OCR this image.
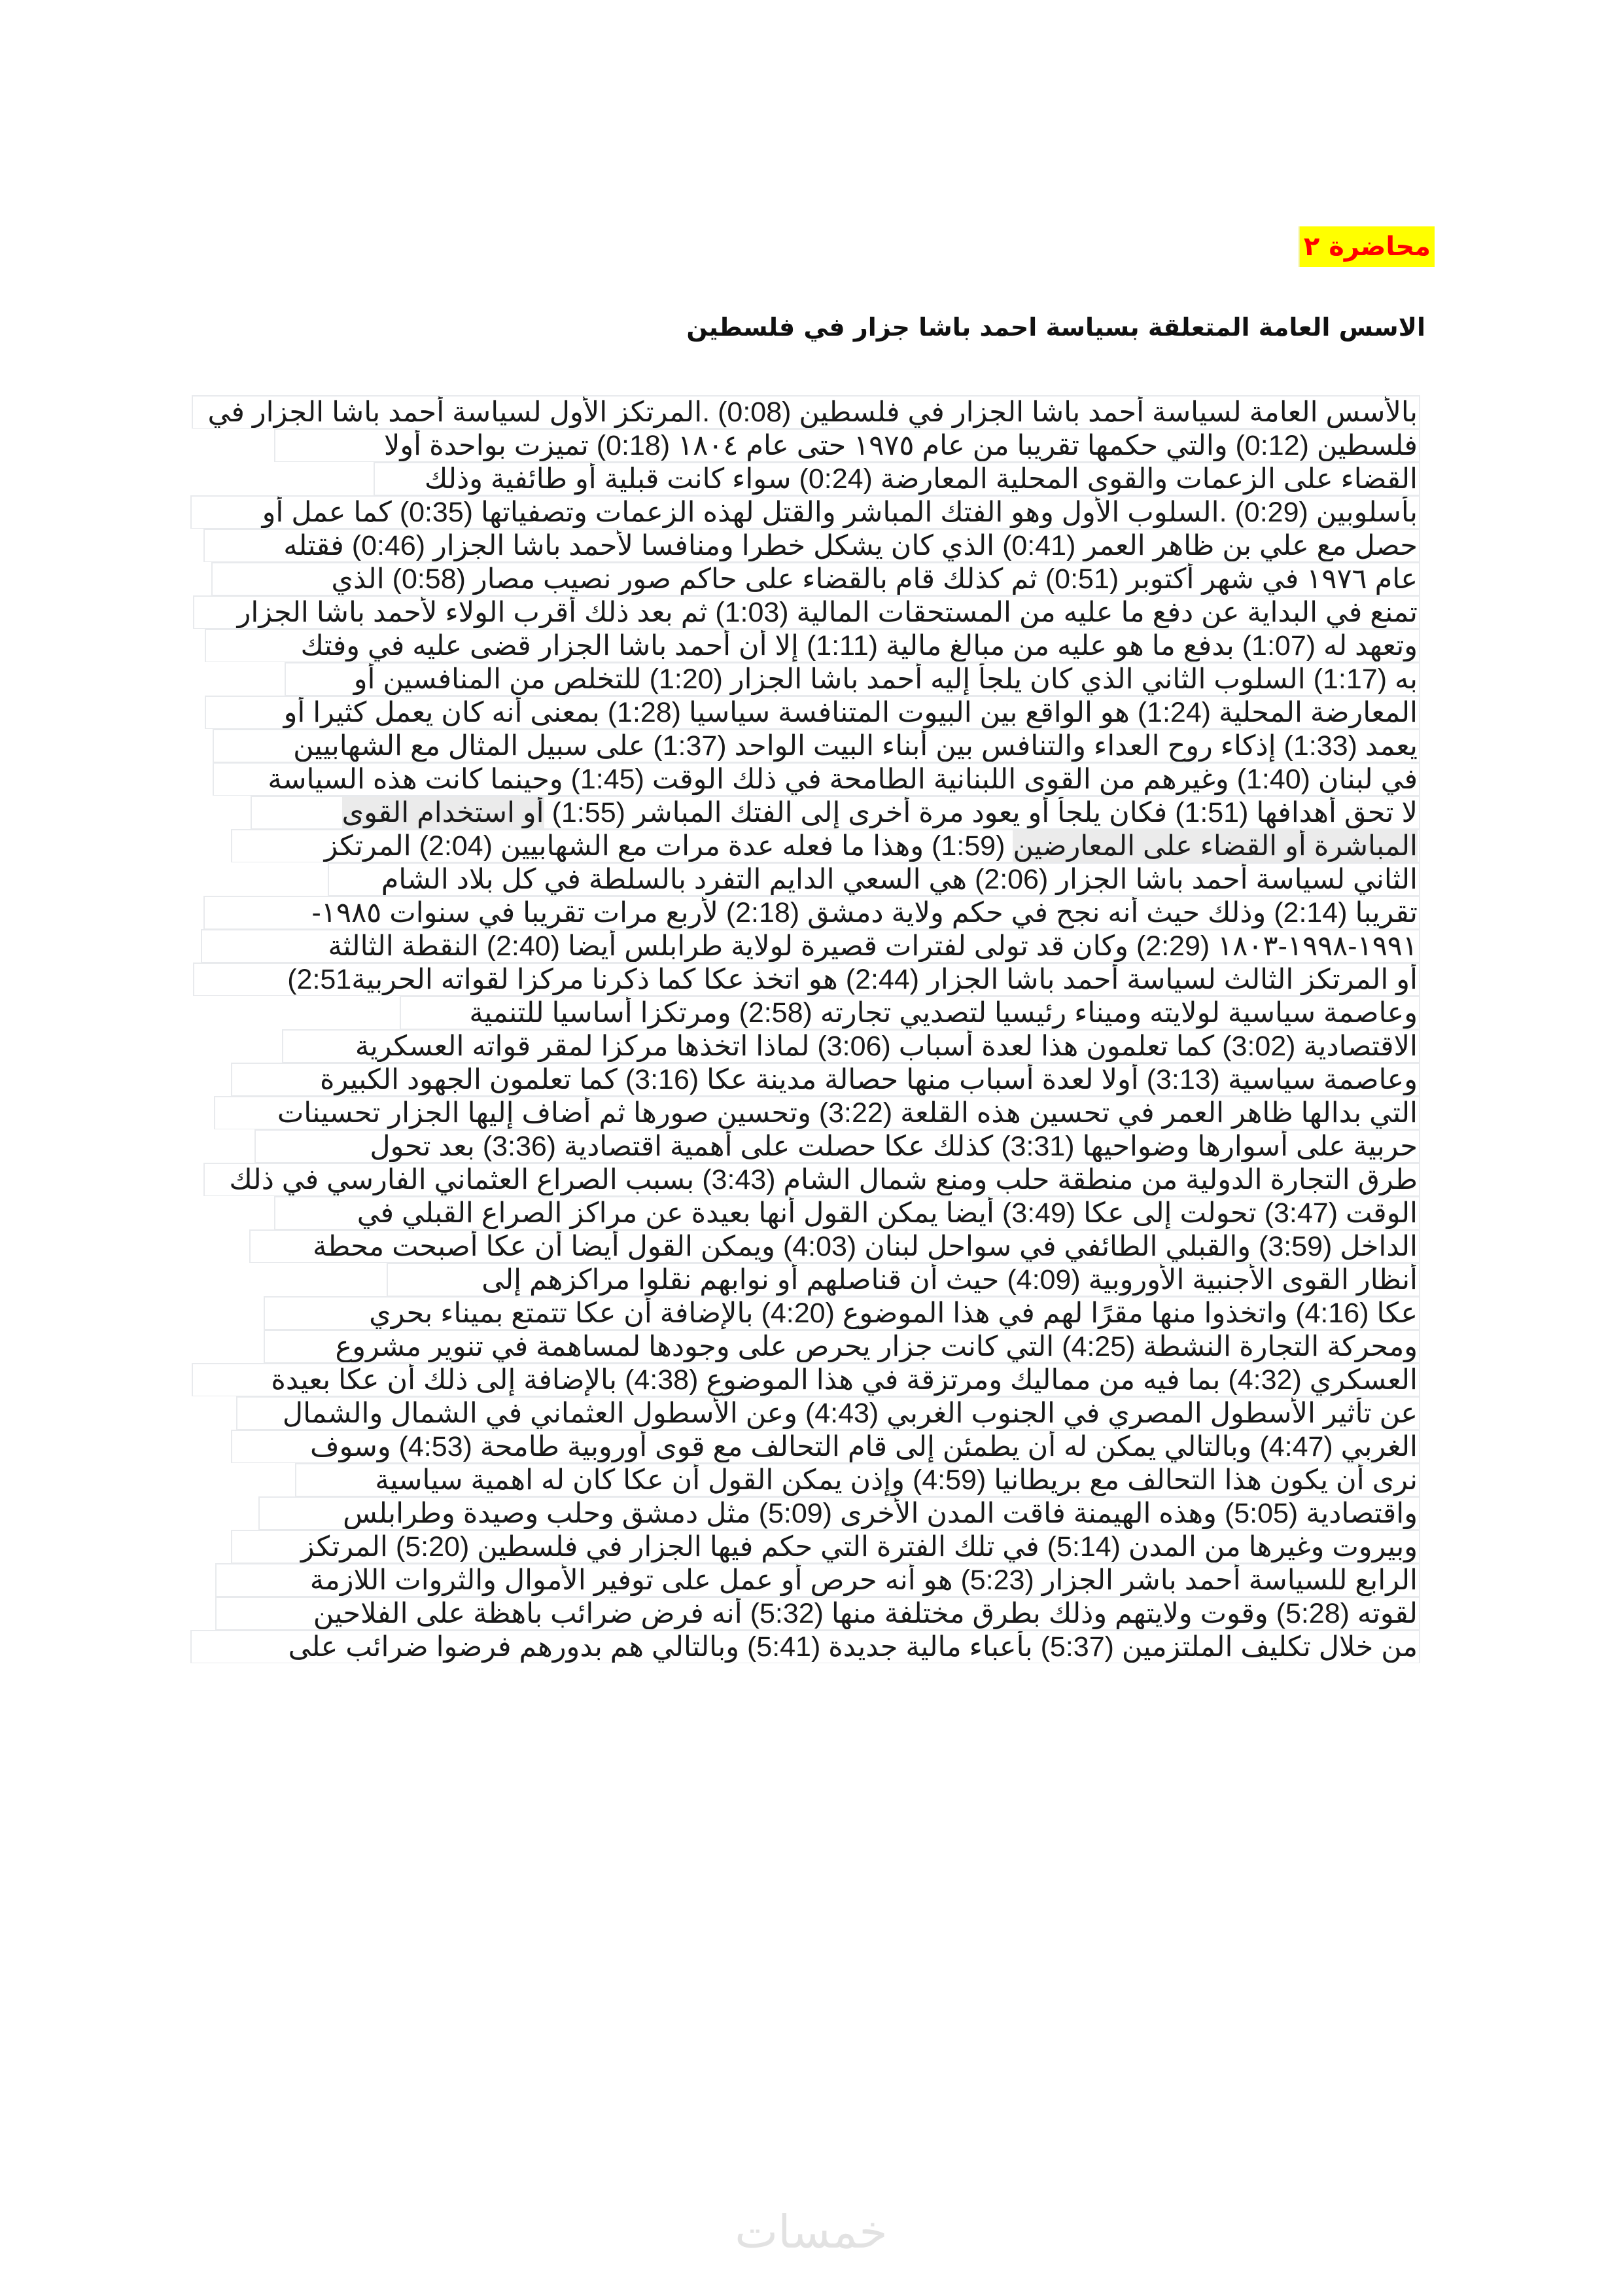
محاضرة ٢
الاسس العامة المتعلقة بسياسة احمد باشا جزار في فلسطين
بالأسس العامة لسياسة أحمد باشا الجزار في فلسطين (0:08) .المرتكز الأول لسياسة أحمد باشا الجزار في
فلسطين (0:12) والتي حكمها تقريبا من عام ١٩٧٥ حتى عام ١٨٠٤ (0:18) تميزت بواحدة أولا
القضاء على الزعمات والقوى المحلية المعارضة (0:24) سواء كانت قبلية أو طائفية وذلك
بأسلوبين (0:29) .السلوب الأول وهو الفتك المباشر والقتل لهذه الزعمات وتصفياتها (0:35) كما عمل أو
حصل مع علي بن ظاهر العمر (0:41) الذي كان يشكل خطرا ومنافسا لأحمد باشا الجزار (0:46) فقتله
عام ١٩٧٦ في شهر أكتوبر (0:51) ثم كذلك قام بالقضاء على حاكم صور نصيب مصار (0:58) الذي
تمنع في البداية عن دفع ما عليه من المستحقات المالية (1:03) ثم بعد ذلك أقرب الولاء لأحمد باشا الجزار
وتعهد له (1:07) بدفع ما هو عليه من مبالغ مالية (1:11) إلا أن أحمد باشا الجزار قضى عليه في وفتك
به (1:17) السلوب الثاني الذي كان يلجأ إليه أحمد باشا الجزار (1:20) للتخلص من المنافسين أو
المعارضة المحلية (1:24) هو الواقع بين البيوت المتنافسة سياسيا (1:28) بمعنى أنه كان يعمل كثيرا أو
يعمد (1:33) إذكاء روح العداء والتنافس بين أبناء البيت الواحد (1:37) على سبيل المثال مع الشهابيين
في لبنان (1:40) وغيرهم من القوى اللبنانية الطامحة في ذلك الوقت (1:45) وحينما كانت هذه السياسة
لا تحق أهدافها (1:51) فكان يلجأ أو يعود مرة أخرى إلى الفتك المباشر (1:55) أو استخدام القوى
المباشرة أو القضاء على المعارضين (1:59) وهذا ما فعله عدة مرات مع الشهابيين (2:04) المرتكز
الثاني لسياسة أحمد باشا الجزار (2:06) هي السعي الدايم التفرد بالسلطة في كل بلاد الشام
تقريبا (2:14) وذلك حيث أنه نجح في حكم ولاية دمشق (2:18) لأربع مرات تقريبا في سنوات ١٩٨٥-
١٩٩١-١٩٩٨-١٨٠٣ (2:29) وكان قد تولى لفترات قصيرة لولاية طرابلس أيضا (2:40) النقطة الثالثة
أو المرتكز الثالث لسياسة أحمد باشا الجزار (2:44) هو اتخذ عكا كما ذكرنا مركزا لقواته الحربية2:51)
وعاصمة سياسية لولايته وميناء رئيسيا لتصديي تجارته (2:58) ومرتكزا أساسيا للتنمية
الاقتصادية (3:02) كما تعلمون هذا لعدة أسباب (3:06) لماذا اتخذها مركزا لمقر قواته العسكرية
وعاصمة سياسية (3:13) أولا لعدة أسباب منها حصالة مدينة عكا (3:16) كما تعلمون الجهود الكبيرة
التي بدالها ظاهر العمر في تحسين هذه القلعة (3:22) وتحسين صورها ثم أضاف إليها الجزار تحسينات
حربية على أسوارها وضواحيها (3:31) كذلك عكا حصلت على أهمية اقتصادية (3:36) بعد تحول
طرق التجارة الدولية من منطقة حلب ومنع شمال الشام (3:43) بسبب الصراع العثماني الفارسي في ذلك
الوقت (3:47) تحولت إلى عكا (3:49) أيضا يمكن القول أنها بعيدة عن مراكز الصراع القبلي في
الداخل (3:59) والقبلي الطائفي في سواحل لبنان (4:03) ويمكن القول أيضا أن عكا أصبحت محطة
أنظار القوى الأجنبية الأوروبية (4:09) حيث أن قناصلهم أو نوابهم نقلوا مراكزهم إلى
عكا (4:16) واتخذوا منها مقرًا لهم في هذا الموضوع (4:20) بالإضافة أن عكا تتمتع بميناء بحري
ومحركة التجارة النشطة (4:25) التي كانت جزار يحرص على وجودها لمساهمة في تنوير مشروع
العسكري (4:32) بما فيه من مماليك ومرتزقة في هذا الموضوع (4:38) بالإضافة إلى ذلك أن عكا بعيدة
عن تأثير الأسطول المصري في الجنوب الغربي (4:43) وعن الأسطول العثماني في الشمال والشمال
الغربي (4:47) وبالتالي يمكن له أن يطمئن إلى قام التحالف مع قوى أوروبية طامحة (4:53) وسوف
نرى أن يكون هذا التحالف مع بريطانيا (4:59) وإذن يمكن القول أن عكا كان له اهمية سياسية
واقتصادية (5:05) وهذه الهيمنة فاقت المدن الأخرى (5:09) مثل دمشق وحلب وصيدة وطرابلس
وبيروت وغيرها من المدن (5:14) في تلك الفترة التي حكم فيها الجزار في فلسطين (5:20) المرتكز
الرابع للسياسة أحمد باشر الجزار (5:23) هو أنه حرص أو عمل على توفير الأموال والثروات اللازمة
لقوته (5:28) وقوت ولايتهم وذلك بطرق مختلفة منها (5:32) أنه فرض ضرائب باهظة على الفلاحين
من خلال تكليف الملتزمين (5:37) بأعباء مالية جديدة (5:41) وبالتالي هم بدورهم فرضوا ضرائب على
خمسات
